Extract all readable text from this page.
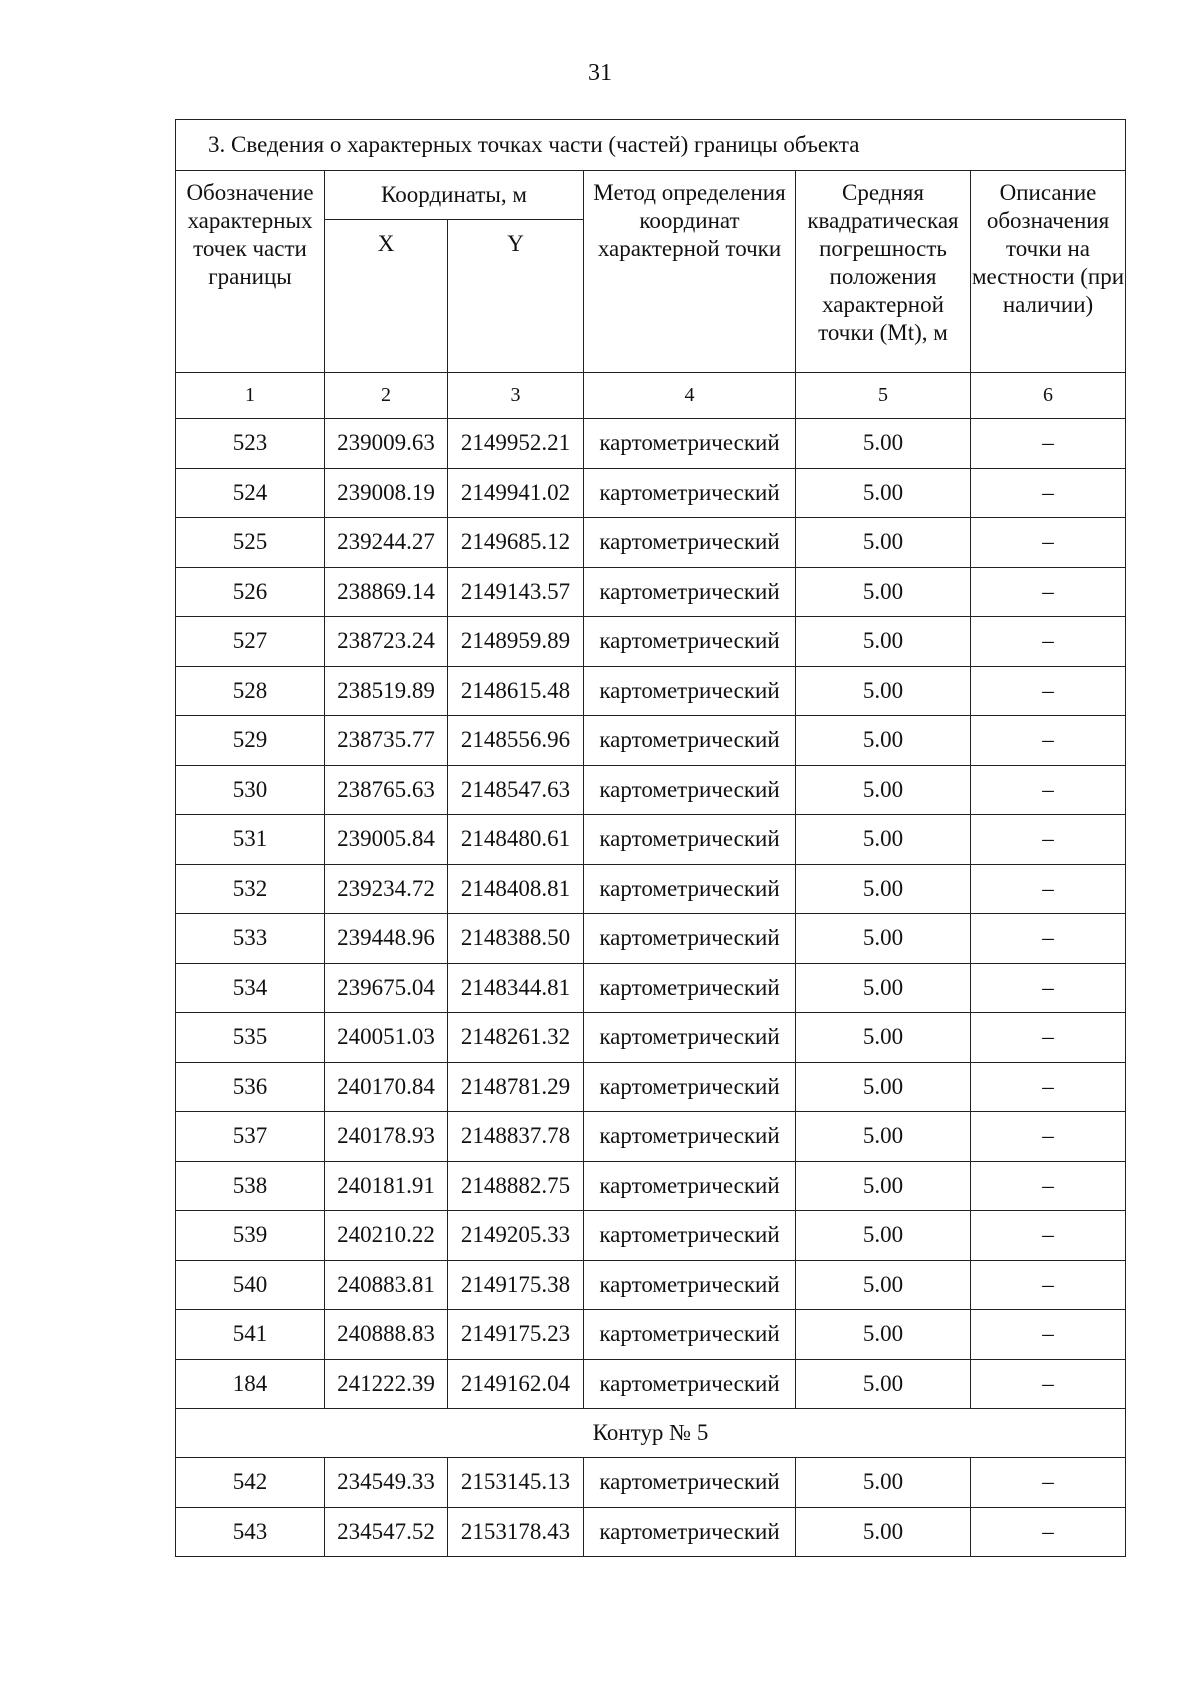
31
3. Сведения о характерных точках части (частей) границы объекта					
Обозначение характерных точек части границы	Координаты, м		Метод определения координат характерной точки	Средняя квадратическая погрешность положения характерной точки (Mt), м	Описание обозначения точки на местности (при наличии)
	X	Y			
1	2	3	4	5	6
523	239009.63	2149952.21	картометрический	5.00	–
524	239008.19	2149941.02	картометрический	5.00	–
525	239244.27	2149685.12	картометрический	5.00	–
526	238869.14	2149143.57	картометрический	5.00	–
527	238723.24	2148959.89	картометрический	5.00	–
528	238519.89	2148615.48	картометрический	5.00	–
529	238735.77	2148556.96	картометрический	5.00	–
530	238765.63	2148547.63	картометрический	5.00	–
531	239005.84	2148480.61	картометрический	5.00	–
532	239234.72	2148408.81	картометрический	5.00	–
533	239448.96	2148388.50	картометрический	5.00	–
534	239675.04	2148344.81	картометрический	5.00	–
535	240051.03	2148261.32	картометрический	5.00	–
536	240170.84	2148781.29	картометрический	5.00	–
537	240178.93	2148837.78	картометрический	5.00	–
538	240181.91	2148882.75	картометрический	5.00	–
539	240210.22	2149205.33	картометрический	5.00	–
540	240883.81	2149175.38	картометрический	5.00	–
541	240888.83	2149175.23	картометрический	5.00	–
184	241222.39	2149162.04	картометрический	5.00	–
Контур № 5					
542	234549.33	2153145.13	картометрический	5.00	–
543	234547.52	2153178.43	картометрический	5.00	–
